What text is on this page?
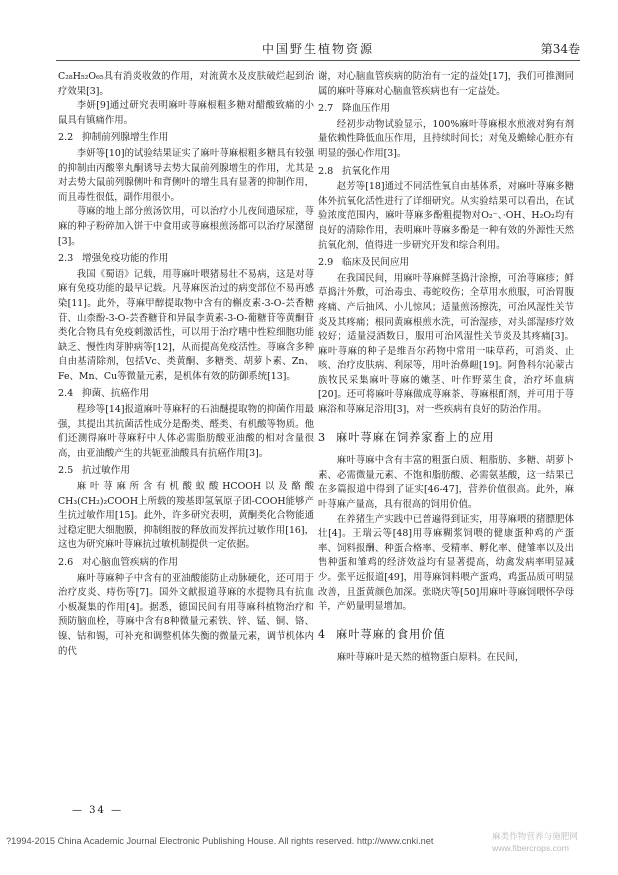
中国野生植物资源	第34卷

C₂₈H₅₂O₆₅具有消炎收敛的作用，对流黄水及皮肤破烂起到治疗效果[3]。

李妍[9]通过研究表明麻叶荨麻根粗多糖对醋酸致痛的小鼠具有镇痛作用。

2.2 抑制前列腺增生作用

李妍等[10]的试验结果证实了麻叶荨麻根粗多糖具有较强的抑制由丙酸睾丸酮诱导去势大鼠前列腺增生的作用，尤其是对去势大鼠前列腺侧叶和背侧叶的增生具有显著的抑制作用，而且毒性很低，副作用很小。

荨麻的地上部分煎汤饮用，可以治疗小儿夜间遗尿症，荨麻的种子粉碎加入饼干中食用或荨麻根煎汤都可以治疗尿潴留[3]。

2.3 增强免疫功能的作用

我国《蜀语》记载，用荨麻叶喂猪易壮不易病，这是对荨麻有免疫功能的最早记载。凡荨麻医治过的病变部位不易再感染[11]。此外，荨麻甲醇提取物中含有的槲皮素-3-O-芸香糖苷、山柰酚-3-O-芸香糖苷和异鼠李黄素-3-O-葡糖苷等黄酮苷类化合物具有免疫刺激活性，可以用于治疗嗜中性粒细胞功能缺乏、慢性肉芽肿病等[12]，从而提高免疫活性。荨麻含多种自由基清除剂，包括Vc、类黄酮、多糖类、胡萝卜素、Zn、Fe、Mn、Cu等微量元素，是机体有效的防御系统[13]。

2.4 抑菌、抗癌作用

程珍等[14]报道麻叶荨麻籽的石油醚提取物的抑菌作用最强，其提出其抗菌活性成分是酚类、醛类、有机酸等物质。他们还测得麻叶荨麻籽中人体必需脂肪酸亚油酸的相对含量很高，由亚油酸产生的共轭亚油酸具有抗癌作用[3]。

2.5 抗过敏作用

麻叶荨麻所含有机酸蚁酸HCOOH以及酪酸CH₃(CH₂)₂COOH上所载的羧基即氢氧原子团-COOH能够产生抗过敏作用[15]。此外，许多研究表明，黄酮类化合物能通过稳定肥大细胞膜，抑制组胺的释放而发挥抗过敏作用[16]，这也为研究麻叶荨麻抗过敏机制提供一定依据。

2.6 对心脑血管疾病的作用

麻叶荨麻种子中含有的亚油酸能防止动脉硬化，还可用于治疗皮炎、痔伤等[7]。国外文献报道荨麻的水提物具有抗血小板凝集的作用[4]。据悉，德国民间有用荨麻科植物治疗和预防脑血栓，荨麻中含有8种微量元素铁、锌、锰、铜、铬、镍、钴和锡，可补充和调整机体失衡的微量元素，调节机体内的代

谢，对心脑血管疾病的防治有一定的益处[17]，我们可推测同属的麻叶荨麻对心脑血管疾病也有一定益处。

2.7 降血压作用

经初步动物试验显示，100%麻叶荨麻根水煎液对狗有剂量依赖性降低血压作用，且持续时间长；对兔及蟾蜍心脏亦有明显的强心作用[3]。

2.8 抗氧化作用

赵芳等[18]通过不同活性氧自由基体系，对麻叶荨麻多糖体外抗氧化活性进行了详细研究。从实验结果可以看出，在试验浓度范围内，麻叶荨麻多酚粗提物对O₂⁻、·OH、H₂O₂均有良好的清除作用，表明麻叶荨麻多酚是一种有效的外源性天然抗氧化剂，值得进一步研究开发和综合利用。

2.9 临床及民间应用

在我国民间，用麻叶荨麻鲜茎捣汁涂擦，可治荨麻疹；鲜草捣汁外敷，可治毒虫、毒蛇咬伤；全草用水煎服，可治胃腹疼痛、产后抽风、小儿惊风；适量煎汤擦洗，可治风湿性关节炎及其疼痛；根同黄麻根煎水洗，可治湿疹，对头部湿疹疗效较好；适量浸酒数日，服用可治风湿性关节炎及其疼痛[3]。麻叶荨麻的种子是维吾尔药物中常用一味草药，可消炎、止咳、治疗皮肤病、利尿等，用叶治鼻衄[19]。阿鲁科尔沁蒙古族牧民采集麻叶荨麻的嫩茎、叶作野菜生食，治疗坏血病[20]。还可将麻叶荨麻做成荨麻茶、荨麻根酊剂，并可用于荨麻浴和荨麻足浴用[3]，对一些疾病有良好的防治作用。

3 麻叶荨麻在饲养家畜上的应用

麻叶荨麻中含有丰富的粗蛋白质、粗脂肪、多糖、胡萝卜素、必需微量元素、不饱和脂肪酸、必需氨基酸，这一结果已在多篇报道中得到了证实[46-47]，营养价值很高。此外，麻叶荨麻产量高，具有很高的饲用价值。

在养猪生产实践中已普遍得到证实，用荨麻喂的猪膘肥体壮[4]。王瑞云等[48]用荨麻糊浆饲喂的健康蛋种鸡的产蛋率、饲料报酬、种蛋合格率、受精率、孵化率、健雏率以及出售种蛋和雏鸡的经济效益均有显著提高，幼禽发病率明显减少。张平远报道[49]，用荨麻饲料喂产蛋鸡，鸡蛋品质可明显改善，且蛋黄颜色加深。张晓庆等[50]用麻叶荨麻饲喂怀孕母羊，产奶量明显增加。

4 麻叶荨麻的食用价值

麻叶荨麻叶是天然的植物蛋白原料。在民间，

— 34 —
?1994-2015 China Academic Journal Electronic Publishing House. All rights reserved. http://www.cnki.net	麻类作物营养与施肥网
www.fibercrops.com
